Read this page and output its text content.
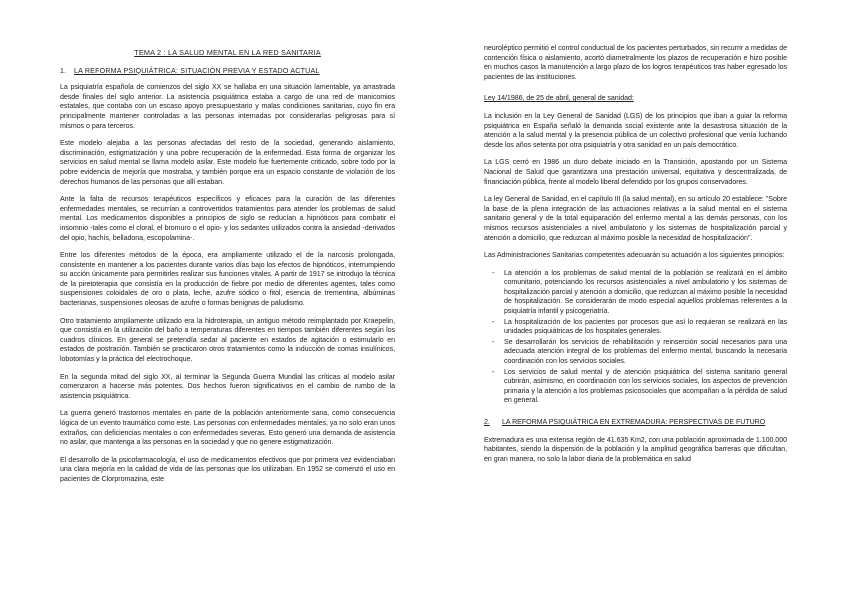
TEMA 2 : LA SALUD MENTAL EN LA RED SANITARIA
1. LA REFORMA PSIQUIÁTRICA: SITUACIÓN PREVIA Y ESTADO ACTUAL

La psiquiatría española de comienzos del siglo XX se hallaba en una situación lamentable, ya arrastrada desde finales del siglo anterior. La asistencia psiquiátrica estaba a cargo de una red de manicomios estatales, que contaba con un escaso apoyo presupuestario y malas condiciones sanitarias, cuyo fin era principalmente mantener controladas a las personas internadas por considerarlas peligrosas para sí mismos o para terceros.

Este modelo alejaba a las personas afectadas del resto de la sociedad, generando aislamiento, discriminación, estigmatización y una pobre recuperación de la enfermedad. Esta forma de organizar los servicios en salud mental se llama modelo asilar. Este modelo fue fuertemente criticado, sobre todo por la pobre evidencia de mejoría que mostraba, y también porque era un espacio constante de violación de los derechos humanos de las personas que allí estaban.

Ante la falta de recursos terapéuticos específicos y eficaces para la curación de las diferentes enfermedades mentales, se recurrían a controvertidos tratamientos para atender los problemas de salud mental. Los medicamentos disponibles a principios de siglo se reducían a hipnóticos para combatir el insomnio -tales como el cloral, el bromuro o el opio- y los sedantes utilizados contra la ansiedad -derivados del opio, hachís, belladona, escopolamina-.

Entre los diferentes métodos de la época, era ampliamente utilizado el de la narcosis prolongada, consistente en mantener a los pacientes durante varios días bajo los efectos de hipnóticos, interrumpiendo su acción únicamente para permitirles realizar sus funciones vitales. A partir de 1917 se introdujo la técnica de la piretoterapia que consistía en la producción de fiebre por medio de diferentes agentes, tales como suspensiones coloidales de oro o plata, leche, azufre sódico o fitol, esencia de trementina, albúminas bacterianas, suspensiones oleosas de azufre o formas benignas de paludismo.

Otro tratamiento ampliamente utilizado era la hidroterapia, un antiguo método reimplantado por Kraepelin, que consistía en la utilización del baño a temperaturas diferentes en tiempos también diferentes según los cuadros clínicos. En general se pretendía sedar al paciente en estados de agitación o estimularlo en estados de postración. También se practicaron otros tratamientos como la inducción de comas insulínicos, lobotomías y la práctica del electrochoque.

En la segunda mitad del siglo XX, al terminar la Segunda Guerra Mundial las críticas al modelo asilar comenzaron a hacerse más potentes. Dos hechos fueron significativos en el cambio de rumbo de la asistencia psiquiátrica.

La guerra generó trastornos mentales en parte de la población anteriormente sana, como consecuencia lógica de un evento traumático como este. Las personas con enfermedades mentales, ya no solo eran unos extraños, con deficiencias mentales o con enfermedades severas. Esto generó una demanda de asistencia no asilar, que mantenga a las personas en la sociedad y que no genere estigmatización.

El desarrollo de la psicofarmacología, el uso de medicamentos efectivos que por primera vez evidenciaban una clara mejoría en la calidad de vida de las personas que los utilizaban. En 1952 se comenzó el uso en pacientes de Clorpromazina, este

neuroléptico permitió el control conductual de los pacientes perturbados, sin recurrir a medidas de contención física o aislamiento, acortó diametralmente los plazos de recuperación e hizo posible en muchos casos la manutención a largo plazo de los logros terapéuticos tras haber egresado los pacientes de las instituciones.

Ley 14/1986, de 25 de abril, general de sanidad:

La inclusión en la Ley General de Sanidad (LGS) de los principios que iban a guiar la reforma psiquiátrica en España señaló la demanda social existente ante la desastrosa situación de la atención a la salud mental y la presencia pública de un colectivo profesional que venía luchando desde los años setenta por otra psiquiatría y otra sanidad en un país democrático.

La LGS cerró en 1986 un duro debate iniciado en la Transición, apostando por un Sistema Nacional de Salud que garantizara una prestación universal, equitativa y descentralizada, de financiación pública, frente al modelo liberal defendido por los grupos conservadores.

La ley General de Sanidad, en el capítulo III (la salud mental), en su artículo 20 establece: "Sobre la base de la plena integración de las actuaciones relativas a la salud mental en el sistema sanitario general y de la total equiparación del enfermo mental a las demás personas, con los mismos recursos asistenciales a nivel ambulatorio y los sistemas de hospitalización parcial y atención a domicilio, que reduzcan al máximo posible la necesidad de hospitalización".

Las Administraciones Sanitarias competentes adecuarán su actuación a los siguientes principios:

- La atención a los problemas de salud mental de la población se realizará en el ámbito comunitario, potenciando los recursos asistenciales a nivel ambulatorio y los sistemas de hospitalización parcial y atención a domicilio, que reduzcan al máximo posible la necesidad de hospitalización. Se considerarán de modo especial aquellos problemas referentes a la psiquiatría infantil y psicogeriatría.
- La hospitalización de los pacientes por procesos que así lo requieran se realizará en las unidades psiquiátricas de los hospitales generales.
- Se desarrollarán los servicios de rehabilitación y reinserción social necesarios para una adecuada atención integral de los problemas del enfermo mental, buscando la necesaria coordinación con los servicios sociales.
- Los servicios de salud mental y de atención psiquiátrica del sistema sanitario general cubrirán, asimismo, en coordinación con los servicios sociales, los aspectos de prevención primaria y la atención a los problemas psicosociales que acompañan a la pérdida de salud en general.
2.	LA REFORMA PSIQUIÁTRICA EN EXTREMADURA: PERSPECTIVAS DE FUTURO

Extremadura es una extensa región de 41.635 Km2, con una población aproximada de 1.100.000 habitantes, siendo la dispersión de la población y la amplitud geográfica barreras que dificultan, en gran manera, no solo la labor diaria de la problemática en salud
